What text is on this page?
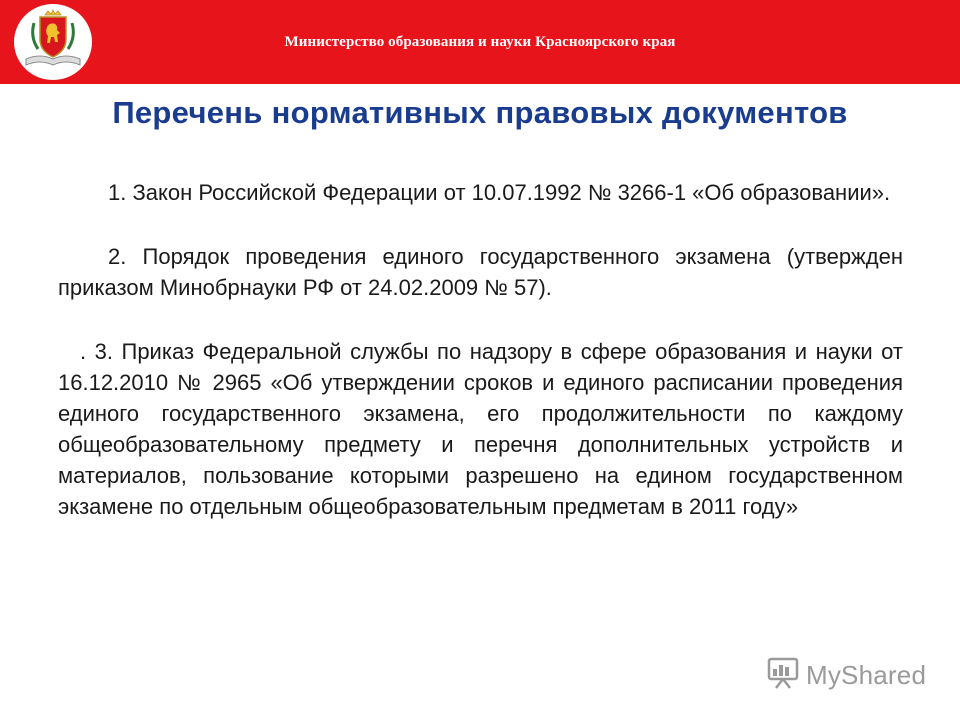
Министерство образования и науки Красноярского края
Перечень нормативных правовых документов

1. Закон Российской Федерации от 10.07.1992 № 3266-1 «Об образовании».

2. Порядок проведения единого государственного экзамена (утвержден приказом Минобрнауки РФ от 24.02.2009 № 57).

. 3. Приказ Федеральной службы по надзору в сфере образования и науки от 16.12.2010 № 2965 «Об утверждении сроков и единого расписании проведения единого государственного экзамена, его продолжительности по каждому общеобразовательному предмету и перечня дополнительных устройств и материалов, пользование которыми разрешено на едином государственном экзамене по отдельным общеобразовательным предметам в 2011 году»

MyShared
